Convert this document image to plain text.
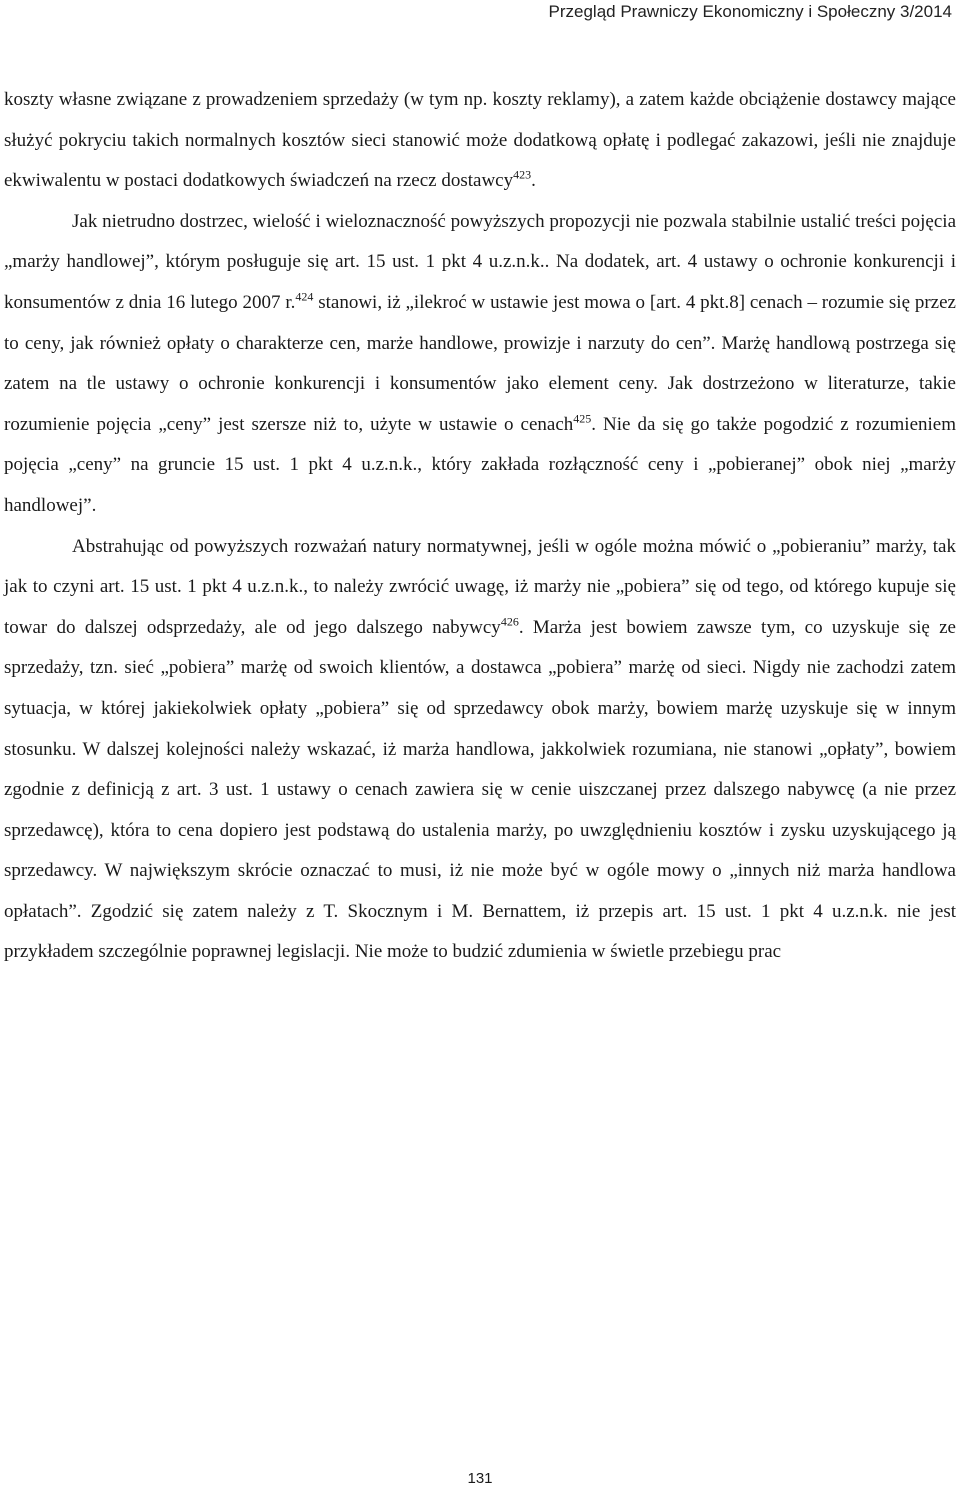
Przegląd Prawniczy Ekonomiczny i Społeczny 3/2014

koszty własne związane z prowadzeniem sprzedaży (w tym np. koszty reklamy), a zatem każde obciążenie dostawcy mające służyć pokryciu takich normalnych kosztów sieci stanowić może dodatkową opłatę i podlegać zakazowi, jeśli nie znajduje ekwiwalentu w postaci dodatkowych świadczeń na rzecz dostawcy$^{423}$.

Jak nietrudno dostrzec, wielość i wieloznaczność powyższych propozycji nie pozwala stabilnie ustalić treści pojęcia „marży handlowej”, którym posługuje się art. 15 ust. 1 pkt 4 u.z.n.k.. Na dodatek, art. 4 ustawy o ochronie konkurencji i konsumentów z dnia 16 lutego 2007 r.$^{424}$ stanowi, iż „ilekroć w ustawie jest mowa o [art. 4 pkt.8] cenach – rozumie się przez to ceny, jak również opłaty o charakterze cen, marże handlowe, prowizje i narzuty do cen”. Marżę handlową postrzega się zatem na tle ustawy o ochronie konkurencji i konsumentów jako element ceny. Jak dostrzeżono w literaturze, takie rozumienie pojęcia „ceny” jest szersze niż to, użyte w ustawie o cenach$^{425}$. Nie da się go także pogodzić z rozumieniem pojęcia „ceny” na gruncie 15 ust. 1 pkt 4 u.z.n.k., który zakłada rozłączność ceny i „pobieranej” obok niej „marży handlowej”.

Abstrahując od powyższych rozważań natury normatywnej, jeśli w ogóle można mówić o „pobieraniu” marży, tak jak to czyni art. 15 ust. 1 pkt 4 u.z.n.k., to należy zwrócić uwagę, iż marży nie „pobiera” się od tego, od którego kupuje się towar do dalszej odsprzedaży, ale od jego dalszego nabywcy$^{426}$. Marża jest bowiem zawsze tym, co uzyskuje się ze sprzedaży, tzn. sieć „pobiera” marżę od swoich klientów, a dostawca „pobiera” marżę od sieci. Nigdy nie zachodzi zatem sytuacja, w której jakiekolwiek opłaty „pobiera” się od sprzedawcy obok marży, bowiem marżę uzyskuje się w innym stosunku. W dalszej kolejności należy wskazać, iż marża handlowa, jakkolwiek rozumiana, nie stanowi „opłaty”, bowiem zgodnie z definicją z art. 3 ust. 1 ustawy o cenach zawiera się w cenie uiszczanej przez dalszego nabywcę (a nie przez sprzedawcę), która to cena dopiero jest podstawą do ustalenia marży, po uwzględnieniu kosztów i zysku uzyskującego ją sprzedawcy. W największym skrócie oznaczać to musi, iż nie może być w ogóle mowy o „innych niż marża handlowa opłatach”. Zgodzić się zatem należy z T. Skocznym i M. Bernattem, iż przepis art. 15 ust. 1 pkt 4 u.z.n.k. nie jest przykładem szczególnie poprawnej legislacji. Nie może to budzić zdumienia w świetle przebiegu prac

131
